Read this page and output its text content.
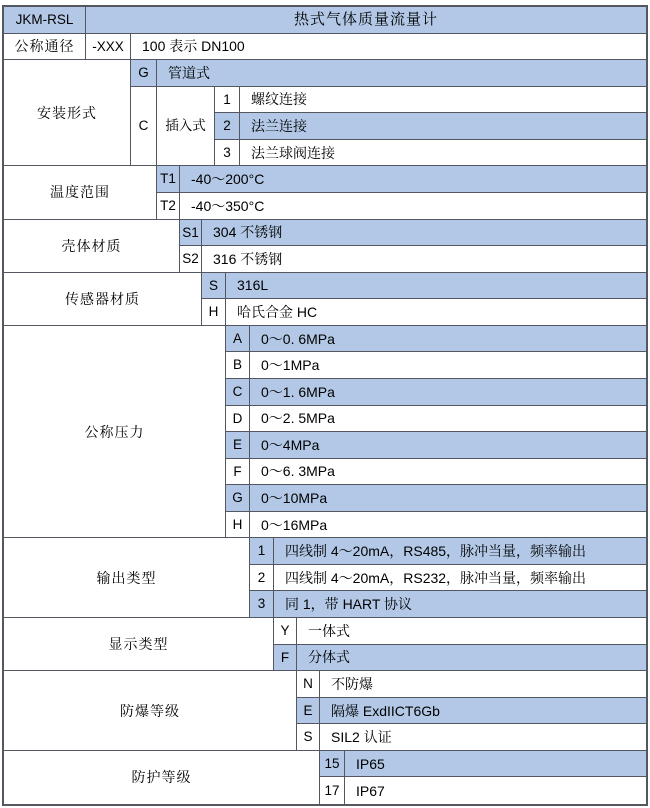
JKM-RSL	热式气体质量流量计
公称通径	-XXX	100 表示 DN100
安装形式
G	管道式
C	插入式
1	螺纹连接
2	法兰连接
3	法兰球阀连接
温度范围
T1	-40～200°C
T2	-40～350°C
壳体材质
S1	304 不锈钢
S2	316 不锈钢
传感器材质
S	316L
H	哈氏合金 HC
公称压力
A	0～0. 6MPa
B	0～1MPa
C	0～1. 6MPa
D	0～2. 5MPa
E	0～4MPa
F	0～6. 3MPa
G	0～10MPa
H	0～16MPa
输出类型
1	四线制 4～20mA，RS485，脉冲当量，频率输出
2	四线制 4～20mA，RS232，脉冲当量，频率输出
3	同 1，带 HART 协议
显示类型
Y	一体式
F	分体式
防爆等级
N	不防爆
E	隔爆 ExdIICT6Gb
S	SIL2 认证
防护等级
15	IP65
17	IP67
